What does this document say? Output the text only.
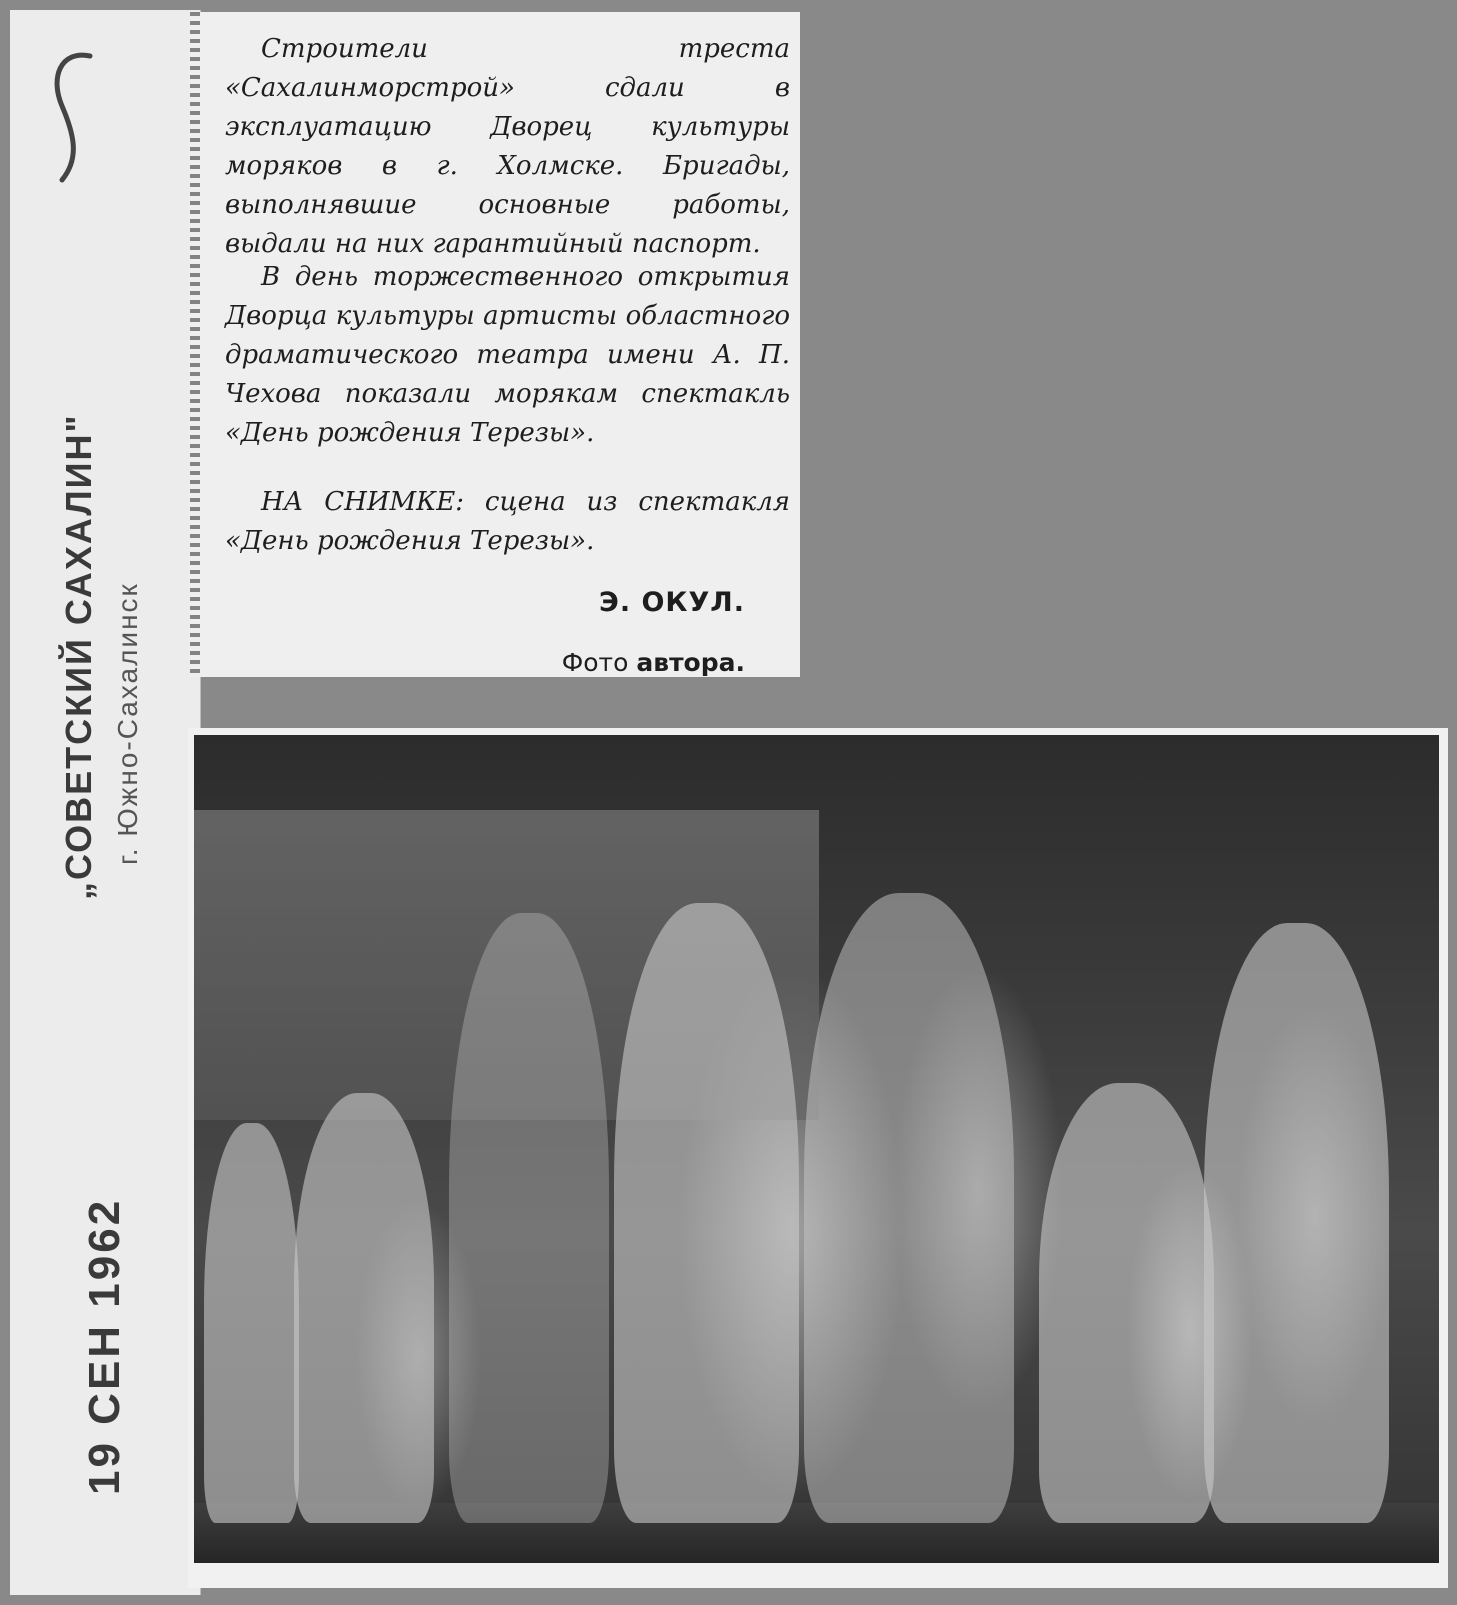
„СОВЕТСКИЙ САХАЛИН" г. Южно-Сахалинск
19 СЕН 1962

Строители треста «Сахалинморстрой» сдали в эксплуатацию Дворец культуры моряков в г. Холмске. Бригады, выполнявшие основные работы, выдали на них гарантийный паспорт.

В день торжественного открытия Дворца культуры артисты областного драматического театра имени А. П. Чехова показали морякам спектакль «День рождения Терезы».

НА СНИМКЕ: сцена из спектакля «День рождения Терезы».

Э. ОКУЛ.

Фото автора.
